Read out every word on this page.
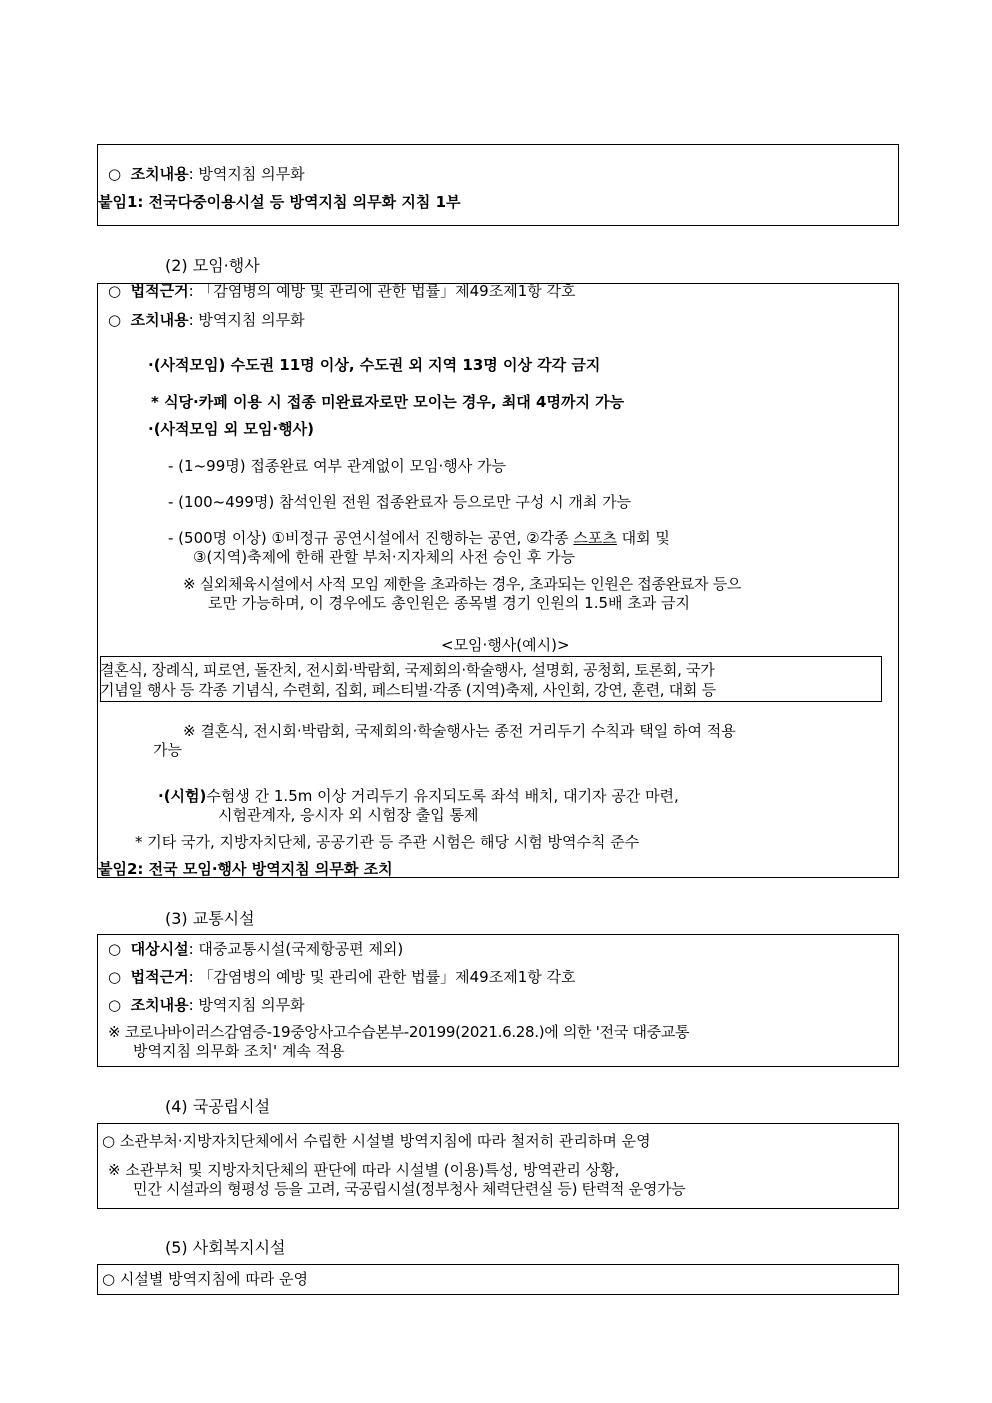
○ 조치내용: 방역지침 의무화
붙임1: 전국다중이용시설 등 방역지침 의무화 지침 1부
(2) 모임·행사
○ 법적근거: 「감염병의 예방 및 관리에 관한 법률」제49조제1항 각호
○ 조치내용: 방역지침 의무화
·(사적모임) 수도권 11명 이상, 수도권 외 지역 13명 이상 각각 금지
* 식당·카페 이용 시 접종 미완료자로만 모이는 경우, 최대 4명까지 가능
·(사적모임 외 모임·행사)
- (1~99명) 접종완료 여부 관계없이 모임·행사 가능
- (100~499명) 참석인원 전원 접종완료자 등으로만 구성 시 개최 가능
- (500명 이상) ①비정규 공연시설에서 진행하는 공연, ②각종 스포츠 대회 및
③(지역)축제에 한해 관할 부처·지자체의 사전 승인 후 가능
※ 실외체육시설에서 사적 모임 제한을 초과하는 경우, 초과되는 인원은 접종완료자 등으
로만 가능하며, 이 경우에도 총인원은 종목별 경기 인원의 1.5배 초과 금지
<모임·행사(예시)>
결혼식, 장례식, 피로연, 돌잔치, 전시회·박람회, 국제회의·학술행사, 설명회, 공청회, 토론회, 국가
기념일 행사 등 각종 기념식, 수련회, 집회, 페스티벌·각종 (지역)축제, 사인회, 강연, 훈련, 대회 등
※ 결혼식, 전시회·박람회, 국제회의·학술행사는 종전 거리두기 수칙과 택일 하여 적용
가능
·(시험)수험생 간 1.5m 이상 거리두기 유지되도록 좌석 배치, 대기자 공간 마련,
시험관계자, 응시자 외 시험장 출입 통제
* 기타 국가, 지방자치단체, 공공기관 등 주관 시험은 해당 시험 방역수칙 준수
붙임2: 전국 모임·행사 방역지침 의무화 조치
(3) 교통시설
○ 대상시설: 대중교통시설(국제항공편 제외)
○ 법적근거: 「감염병의 예방 및 관리에 관한 법률」제49조제1항 각호
○ 조치내용: 방역지침 의무화
※ 코로나바이러스감염증-19중앙사고수습본부-20199(2021.6.28.)에 의한 '전국 대중교통
방역지침 의무화 조치' 계속 적용
(4) 국공립시설
○ 소관부처·지방자치단체에서 수립한 시설별 방역지침에 따라 철저히 관리하며 운영
※ 소관부처 및 지방자치단체의 판단에 따라 시설별 (이용)특성, 방역관리 상황,
민간 시설과의 형평성 등을 고려, 국공립시설(정부청사 체력단련실 등) 탄력적 운영가능
(5) 사회복지시설
○ 시설별 방역지침에 따라 운영
